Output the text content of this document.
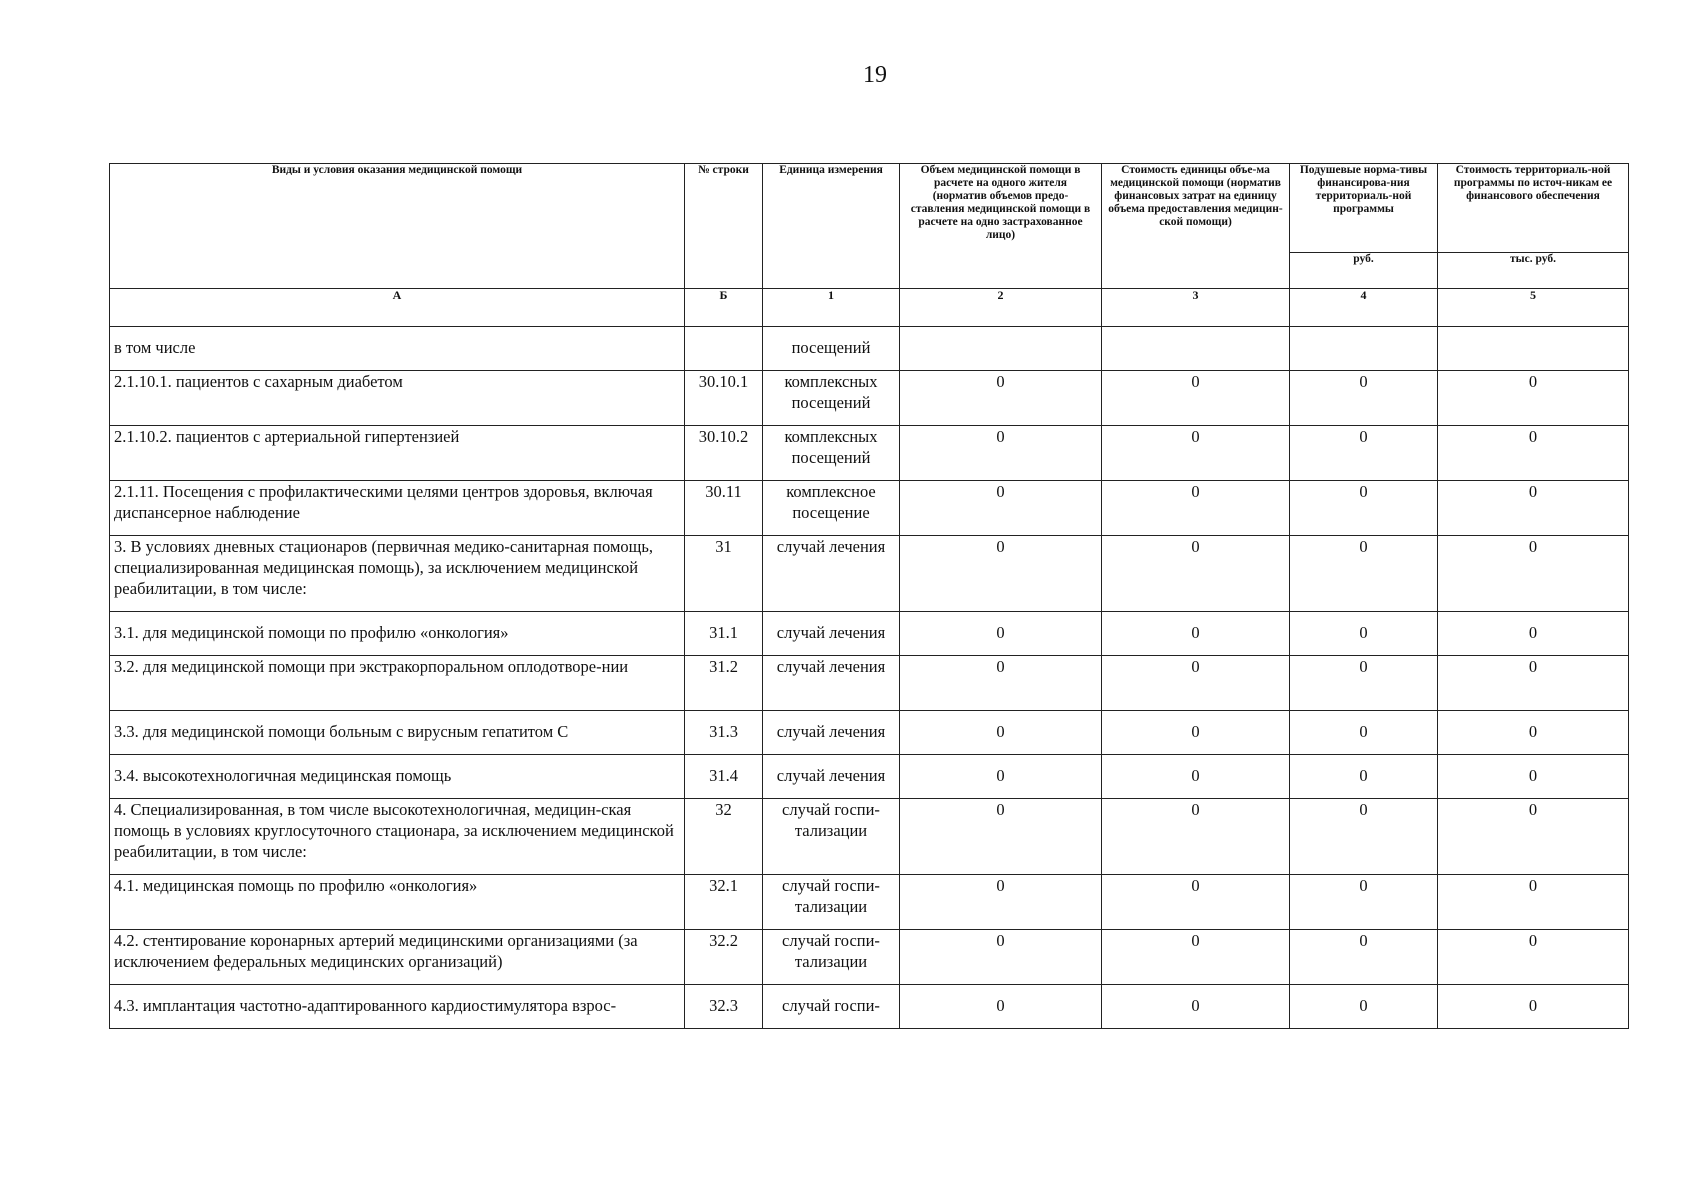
19
Виды и условия оказания медицинской помощи	№ строки	Единица измерения	Объем медицинской помощи в расчете на одного жителя (норматив объемов предо-ставления медицинской помощи в расчете на одно застрахованное лицо)	Стоимость единицы объе-ма медицинской помощи (норматив финансовых затрат на единицу объема предоставления медицин-ской помощи)	Подушевые норма-тивы финансирова-ния территориаль-ной программы	Стоимость территориаль-ной программы по источ-никам ее финансового обеспечения
					руб.	тыс. руб.
А	Б	1	2	3	4	5
в том числе		посещений				
2.1.10.1. пациентов с сахарным диабетом	30.10.1	комплексных посещений	0	0	0	0
2.1.10.2. пациентов с артериальной гипертензией	30.10.2	комплексных посещений	0	0	0	0
2.1.11. Посещения с профилактическими целями центров здоровья, включая диспансерное наблюдение	30.11	комплексное посещение	0	0	0	0
3. В условиях дневных стационаров (первичная медико-санитарная помощь, специализированная медицинская помощь), за исключением медицинской реабилитации, в том числе:	31	случай лечения	0	0	0	0
3.1. для медицинской помощи по профилю «онкология»	31.1	случай лечения	0	0	0	0
3.2. для медицинской помощи при экстракорпоральном оплодотворе-нии	31.2	случай лечения	0	0	0	0
3.3. для медицинской помощи больным с вирусным гепатитом С	31.3	случай лечения	0	0	0	0
3.4. высокотехнологичная медицинская помощь	31.4	случай лечения	0	0	0	0
4. Специализированная, в том числе высокотехнологичная, медицин-ская помощь в условиях круглосуточного стационара, за исключением медицинской реабилитации, в том числе:	32	случай госпи-тализации	0	0	0	0
4.1. медицинская помощь по профилю «онкология»	32.1	случай госпи-тализации	0	0	0	0
4.2. стентирование коронарных артерий медицинскими организациями (за исключением федеральных медицинских организаций)	32.2	случай госпи-тализации	0	0	0	0
4.3. имплантация частотно-адаптированного кардиостимулятора взрос-	32.3	случай госпи-	0	0	0	0
